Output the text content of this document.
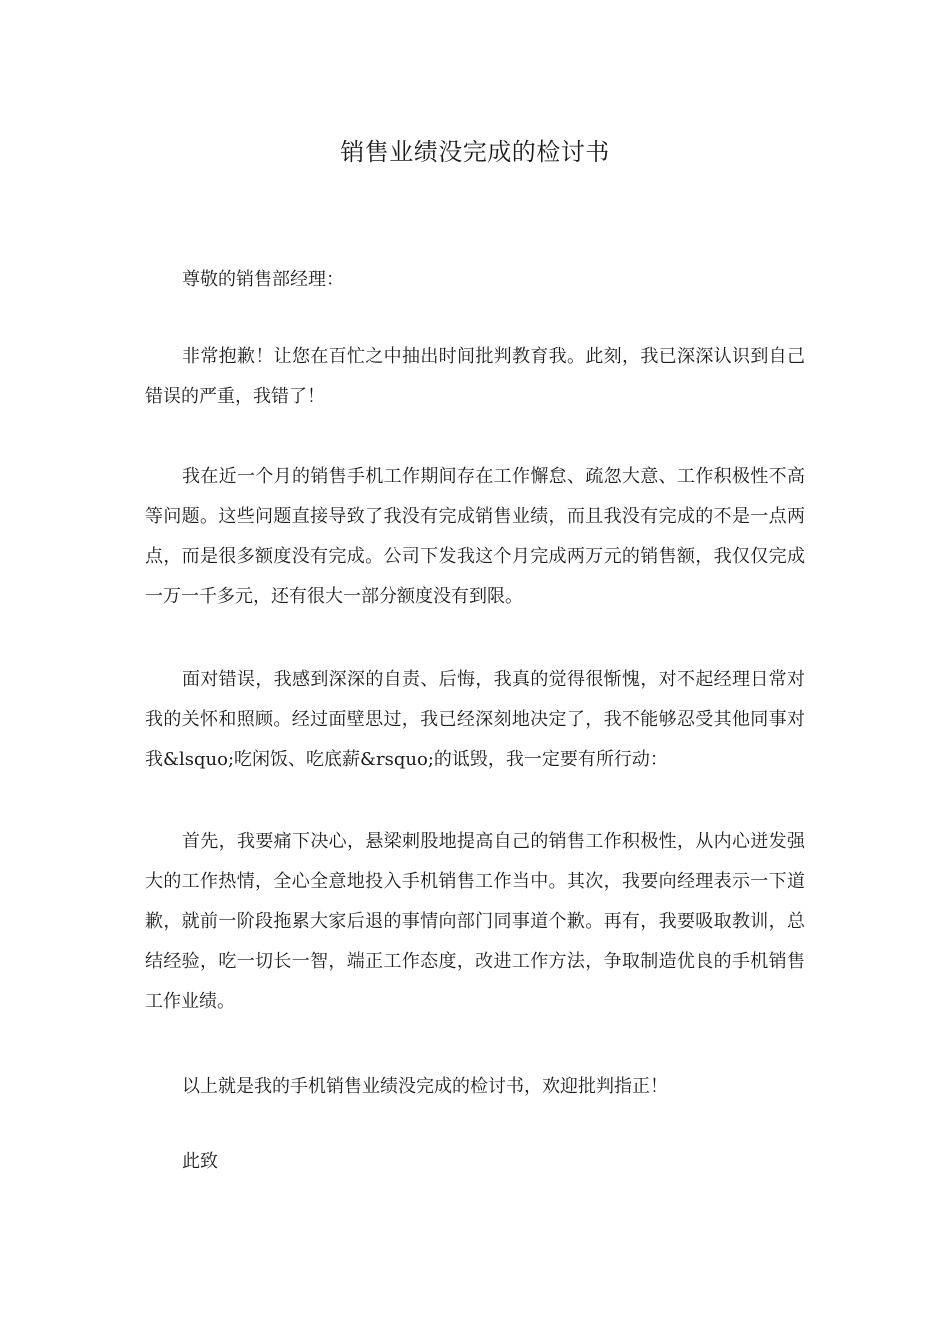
销售业绩没完成的检讨书

尊敬的销售部经理：

非常抱歉！让您在百忙之中抽出时间批判教育我。此刻，我已深深认识到自己错误的严重，我错了！

我在近一个月的销售手机工作期间存在工作懈怠、疏忽大意、工作积极性不高等问题。这些问题直接导致了我没有完成销售业绩，而且我没有完成的不是一点两点，而是很多额度没有完成。公司下发我这个月完成两万元的销售额，我仅仅完成一万一千多元，还有很大一部分额度没有到限。

面对错误，我感到深深的自责、后悔，我真的觉得很惭愧，对不起经理日常对我的关怀和照顾。经过面壁思过，我已经深刻地决定了，我不能够忍受其他同事对我&lsquo;吃闲饭、吃底薪&rsquo;的诋毁，我一定要有所行动：

首先，我要痛下决心，悬梁刺股地提高自己的销售工作积极性，从内心迸发强大的工作热情，全心全意地投入手机销售工作当中。其次，我要向经理表示一下道歉，就前一阶段拖累大家后退的事情向部门同事道个歉。再有，我要吸取教训，总结经验，吃一切长一智，端正工作态度，改进工作方法，争取制造优良的手机销售工作业绩。

以上就是我的手机销售业绩没完成的检讨书，欢迎批判指正！

此致
